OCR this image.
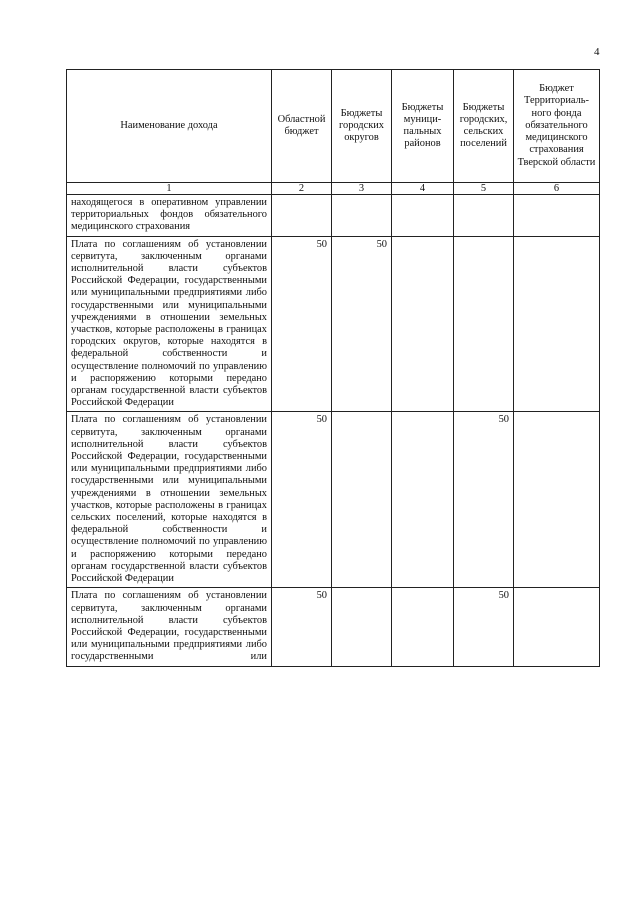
4
Наименование дохода	Областной бюджет	Бюджеты городских округов	Бюджеты муници-пальных районов	Бюджеты городских, сельских поселений	Бюджет Территориаль-ного фонда обязательного медицинского страхования Тверской области
1	2	3	4	5	6
находящегося в оперативном управлении территориальных фондов обязательного медицинского страхования					
Плата по соглашениям об установлении сервитута, заключенным органами исполнительной власти субъектов Российской Федерации, государственными или муниципальными предприятиями либо государственными или муниципальными учреждениями в отношении земельных участков, которые расположены в границах городских округов, которые находятся в федеральной собственности и осуществление полномочий по управлению и распоряжению которыми передано органам государственной власти субъектов Российской Федерации	50	50			
Плата по соглашениям об установлении сервитута, заключенным органами исполнительной власти субъектов Российской Федерации, государственными или муниципальными предприятиями либо государственными или муниципальными учреждениями в отношении земельных участков, которые расположены в границах сельских поселений, которые находятся в федеральной собственности и осуществление полномочий по управлению и распоряжению которыми передано органам государственной власти субъектов Российской Федерации	50			50	
Плата по соглашениям об установлении сервитута, заключенным органами исполнительной власти субъектов Российской Федерации, государственными или муниципальными предприятиями либо государственными или	50			50	
